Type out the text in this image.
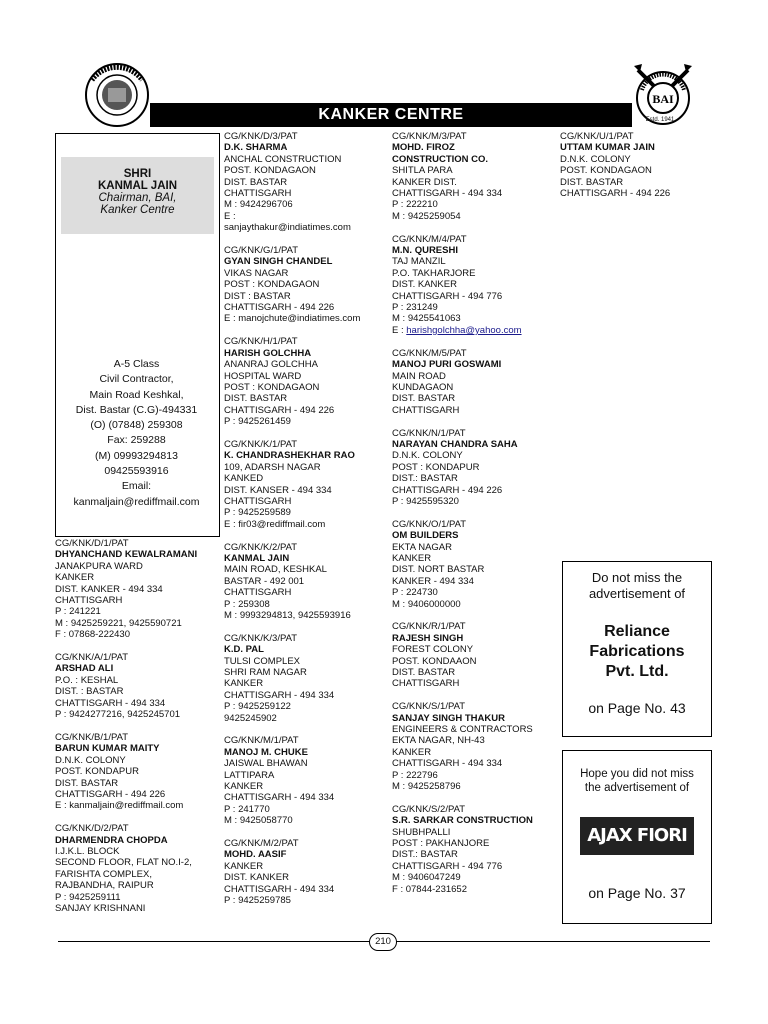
BAI
Estd. 1941
KANKER CENTRE
SHRI
KANMAL JAIN
Chairman, BAI,
Kanker Centre
A-5 Class
Civil Contractor,
Main Road Keshkal,
Dist. Bastar (C.G)-494331
(O) (07848) 259308
Fax: 259288
(M) 09993294813
09425593916
Email:
kanmaljain@rediffmail.com
CG/KNK/D/1/PAT
DHYANCHAND KEWALRAMANI
JANAKPURA WARD
KANKER
DIST. KANKER - 494 334
CHATTISGARH
P : 241221
M : 9425259221, 9425590721
F : 07868-222430
CG/KNK/A/1/PAT
ARSHAD ALI
P.O. : KESHAL
DIST. : BASTAR
CHATTISGARH - 494 334
P : 9424277216, 9425245701
CG/KNK/B/1/PAT
BARUN KUMAR MAITY
D.N.K. COLONY
POST. KONDAPUR
DIST. BASTAR
CHATTISGARH - 494 226
E : kanmaljain@rediffmail.com
CG/KNK/D/2/PAT
DHARMENDRA CHOPDA
I.J.K.L. BLOCK
SECOND FLOOR, FLAT NO.I-2,
FARISHTA COMPLEX,
RAJBANDHA, RAIPUR
P : 9425259111
SANJAY KRISHNANI
CG/KNK/D/3/PAT
D.K. SHARMA
ANCHAL CONSTRUCTION
POST. KONDAGAON
DIST. BASTAR
CHATTISGARH
M : 9424296706
E :
sanjaythakur@indiatimes.com
CG/KNK/G/1/PAT
GYAN SINGH CHANDEL
VIKAS NAGAR
POST : KONDAGAON
DIST : BASTAR
CHATTISGARH - 494 226
E : manojchute@indiatimes.com
CG/KNK/H/1/PAT
HARISH GOLCHHA
ANANRAJ GOLCHHA
HOSPITAL WARD
POST : KONDAGAON
DIST. BASTAR
CHATTISGARH - 494 226
P : 9425261459
CG/KNK/K/1/PAT
K. CHANDRASHEKHAR RAO
109, ADARSH NAGAR
KANKED
DIST. KANSER - 494 334
CHATTISGARH
P : 9425259589
E : fir03@rediffmail.com
CG/KNK/K/2/PAT
KANMAL JAIN
MAIN ROAD, KESHKAL
BASTAR - 492 001
CHATTISGARH
P : 259308
M : 9993294813, 9425593916
CG/KNK/K/3/PAT
K.D. PAL
TULSI COMPLEX
SHRI RAM NAGAR
KANKER
CHATTISGARH - 494 334
P : 9425259122
9425245902
CG/KNK/M/1/PAT
MANOJ M. CHUKE
JAISWAL BHAWAN
LATTIPARA
KANKER
CHATTISGARH - 494 334
P : 241770
M : 9425058770
CG/KNK/M/2/PAT
MOHD. AASIF
KANKER
DIST. KANKER
CHATTISGARH - 494 334
P : 9425259785
CG/KNK/M/3/PAT
MOHD. FIROZ
CONSTRUCTION CO.
SHITLA PARA
KANKER DIST.
CHATTISGARH - 494 334
P : 222210
M : 9425259054
CG/KNK/M/4/PAT
M.N. QURESHI
TAJ MANZIL
P.O. TAKHARJORE
DIST. KANKER
CHATTISGARH - 494 776
P : 231249
M : 9425541063
E : harishgolchha@yahoo.com
CG/KNK/M/5/PAT
MANOJ PURI GOSWAMI
MAIN ROAD
KUNDAGAON
DIST. BASTAR
CHATTISGARH
CG/KNK/N/1/PAT
NARAYAN CHANDRA SAHA
D.N.K. COLONY
POST : KONDAPUR
DIST.: BASTAR
CHATTISGARH - 494 226
P : 9425595320
CG/KNK/O/1/PAT
OM BUILDERS
EKTA NAGAR
KANKER
DIST. NORT BASTAR
KANKER - 494 334
P : 224730
M : 9406000000
CG/KNK/R/1/PAT
RAJESH SINGH
FOREST COLONY
POST. KONDAAON
DIST. BASTAR
CHATTISGARH
CG/KNK/S/1/PAT
SANJAY SINGH THAKUR
ENGINEERS & CONTRACTORS
EKTA NAGAR, NH-43
KANKER
CHATTISGARH - 494 334
P : 222796
M : 9425258796
CG/KNK/S/2/PAT
S.R. SARKAR CONSTRUCTION
SHUBHPALLI
POST : PAKHANJORE
DIST.: BASTAR
CHATTISGARH - 494 776
M : 9406047249
F : 07844-231652
CG/KNK/U/1/PAT
UTTAM KUMAR JAIN
D.N.K. COLONY
POST. KONDAGAON
DIST. BASTAR
CHATTISGARH - 494 226
Do not miss the
advertisement of
Reliance
Fabrications
Pvt. Ltd.
on Page No. 43
Hope you did not miss
the advertisement of
AJAX FIORI
on Page No. 37
210
